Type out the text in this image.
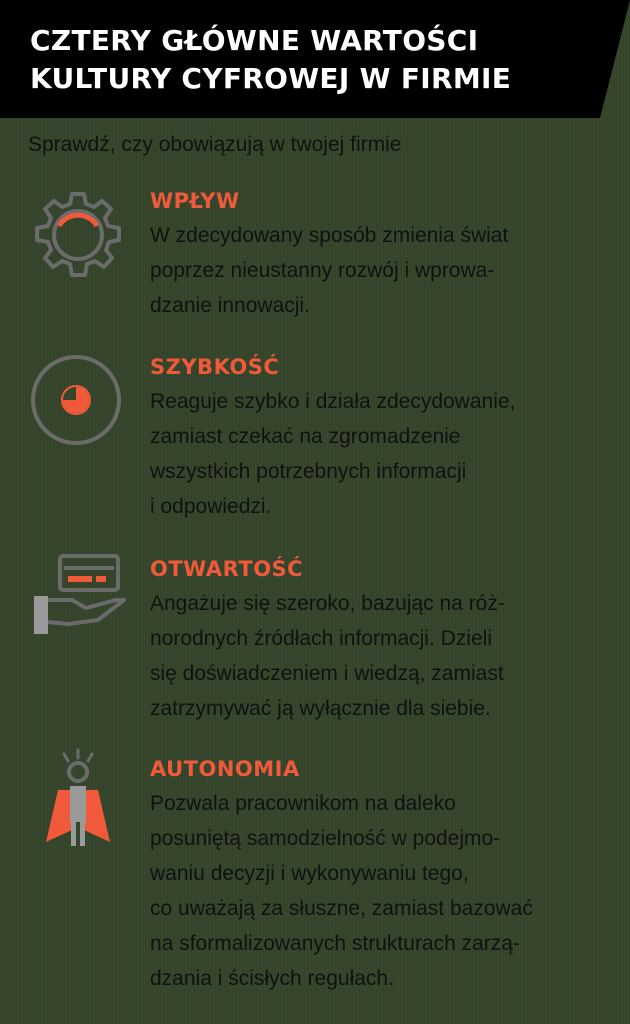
CZTERY GŁÓWNE WARTOŚCI
KULTURY CYFROWEJ W FIRMIE
Sprawdź, czy obowiązują w twojej firmie
WPŁYW
W zdecydowany sposób zmienia świat
poprzez nieustanny rozwój i wprowa-
dzanie innowacji.
SZYBKOŚĆ
Reaguje szybko i działa zdecydowanie,
zamiast czekać na zgromadzenie
wszystkich potrzebnych informacji
i odpowiedzi.
OTWARTOŚĆ
Angażuje się szeroko, bazując na róż-
norodnych źródłach informacji. Dzieli
się doświadczeniem i wiedzą, zamiast
zatrzymywać ją wyłącznie dla siebie.
AUTONOMIA
Pozwala pracownikom na daleko
posuniętą samodzielność w podejmo-
waniu decyzji i wykonywaniu tego,
co uważają za słuszne, zamiast bazować
na sformalizowanych strukturach zarzą-
dzania i ścisłych regułach.
